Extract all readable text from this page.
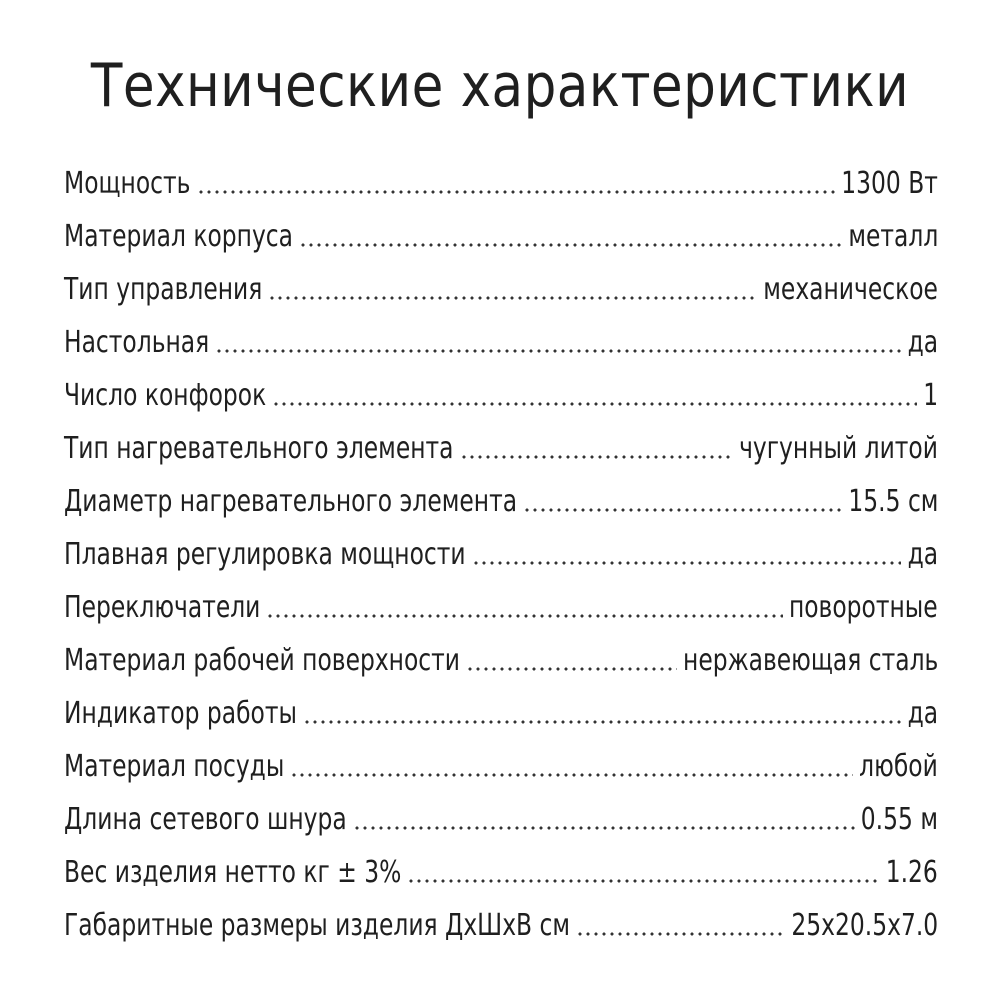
Технические характеристики
Мощность	1300 Вт
Материал корпуса	металл
Тип управления	механическое
Настольная	да
Число конфорок	1
Тип нагревательного элемента	чугунный литой
Диаметр нагревательного элемента	15.5 см
Плавная регулировка мощности	да
Переключатели	поворотные
Материал рабочей поверхности	нержавеющая сталь
Индикатор работы	да
Материал посуды	любой
Длина сетевого шнура	0.55 м
Вес изделия нетто кг ± 3%	1.26
Габаритные размеры изделия ДхШхВ см	25x20.5x7.0
